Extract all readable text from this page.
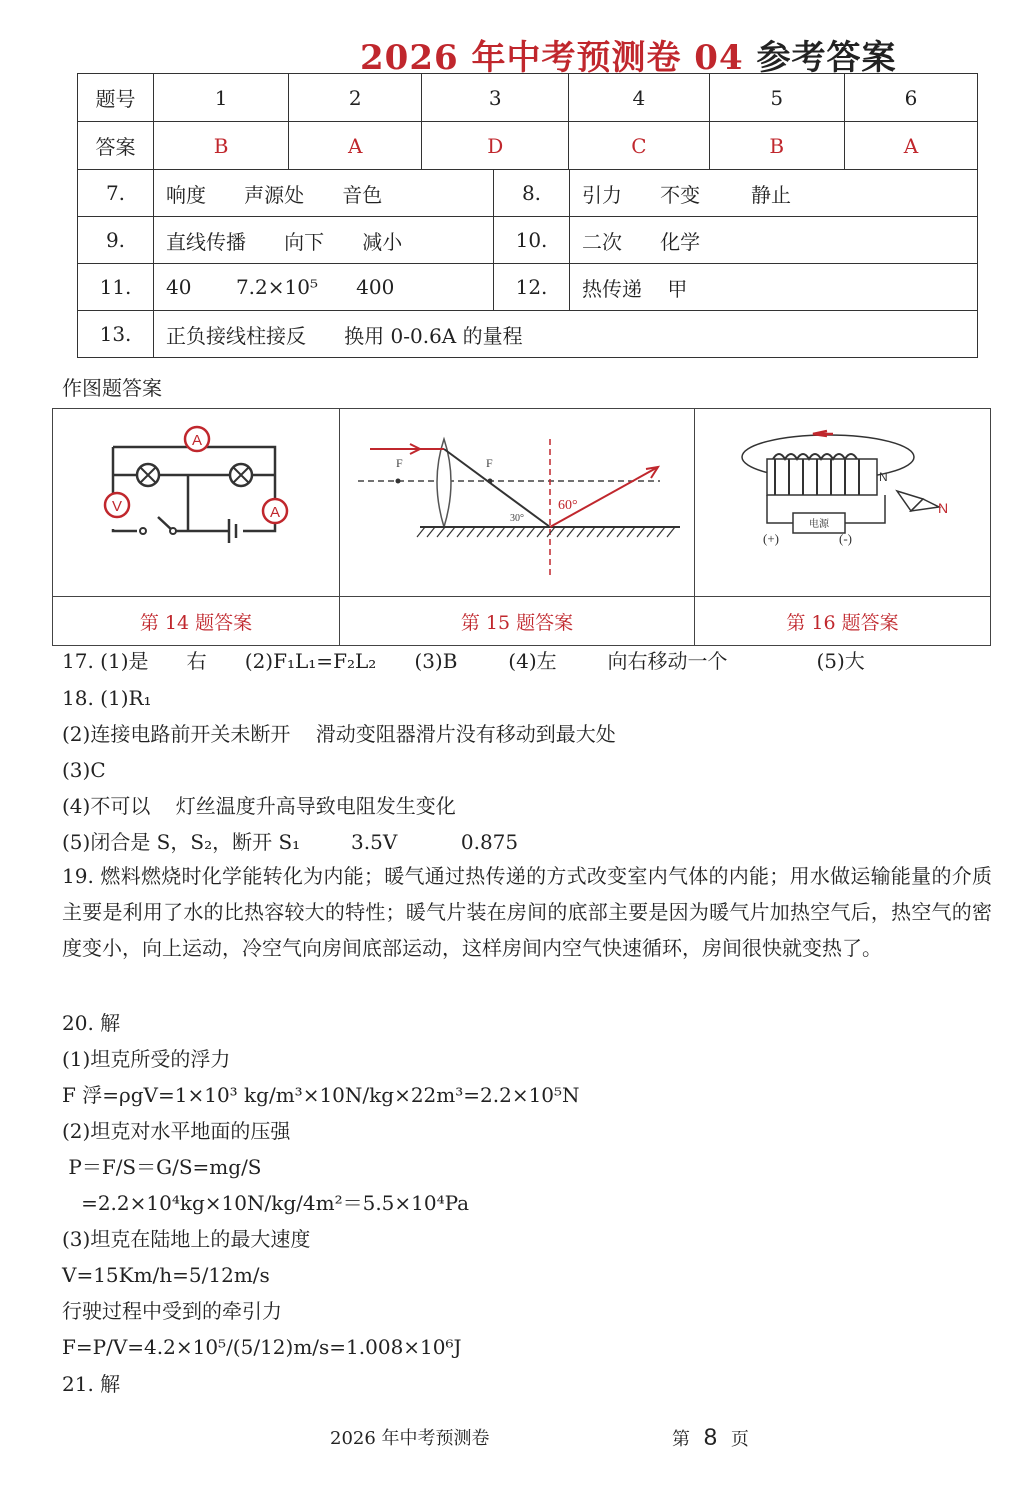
2026 年中考预测卷 04 参考答案
题号	1	2	3	4	5	6
答案	B	A	D	C	B	A
7.	响度      声源处      音色	8.	引力      不变        静止
9.	直线传播      向下      减小	10.	二次      化学
11.	40       7.2×10⁵      400	12.	热传递    甲
13.	正负接线柱接反      换用 0-0.6A 的量程		
作图题答案
A
A
V	F F
60°
30°	N
电源
(+) (-)
N

第 14 题答案	第 15 题答案	第 16 题答案
17. (1)是      右      (2)F₁L₁=F₂L₂      (3)B        (4)左        向右移动一个              (5)大
18. (1)R₁
(2)连接电路前开关未断开    滑动变阻器滑片没有移动到最大处
(3)C
(4)不可以    灯丝温度升高导致电阻发生变化
(5)闭合是 S，S₂，断开 S₁        3.5V          0.875
19. 燃料燃烧时化学能转化为内能；暖气通过热传递的方式改变室内气体的内能；用水做运输能量的介质主要是利用了水的比热容较大的特性；暖气片装在房间的底部主要是因为暖气片加热空气后，热空气的密度变小，向上运动，冷空气向房间底部运动，这样房间内空气快速循环，房间很快就变热了。
20. 解
(1)坦克所受的浮力
F 浮=ρgV=1×10³ kg/m³×10N/kg×22m³=2.2×10⁵N
(2)坦克对水平地面的压强
P＝F/S＝G/S=mg/S
=2.2×10⁴kg×10N/kg/4m²＝5.5×10⁴Pa
(3)坦克在陆地上的最大速度
V=15Km/h=5/12m/s
行驶过程中受到的牵引力
F=P/V=4.2×10⁵/(5/12)m/s=1.008×10⁶J
21. 解
2026 年中考预测卷	第 8 页
